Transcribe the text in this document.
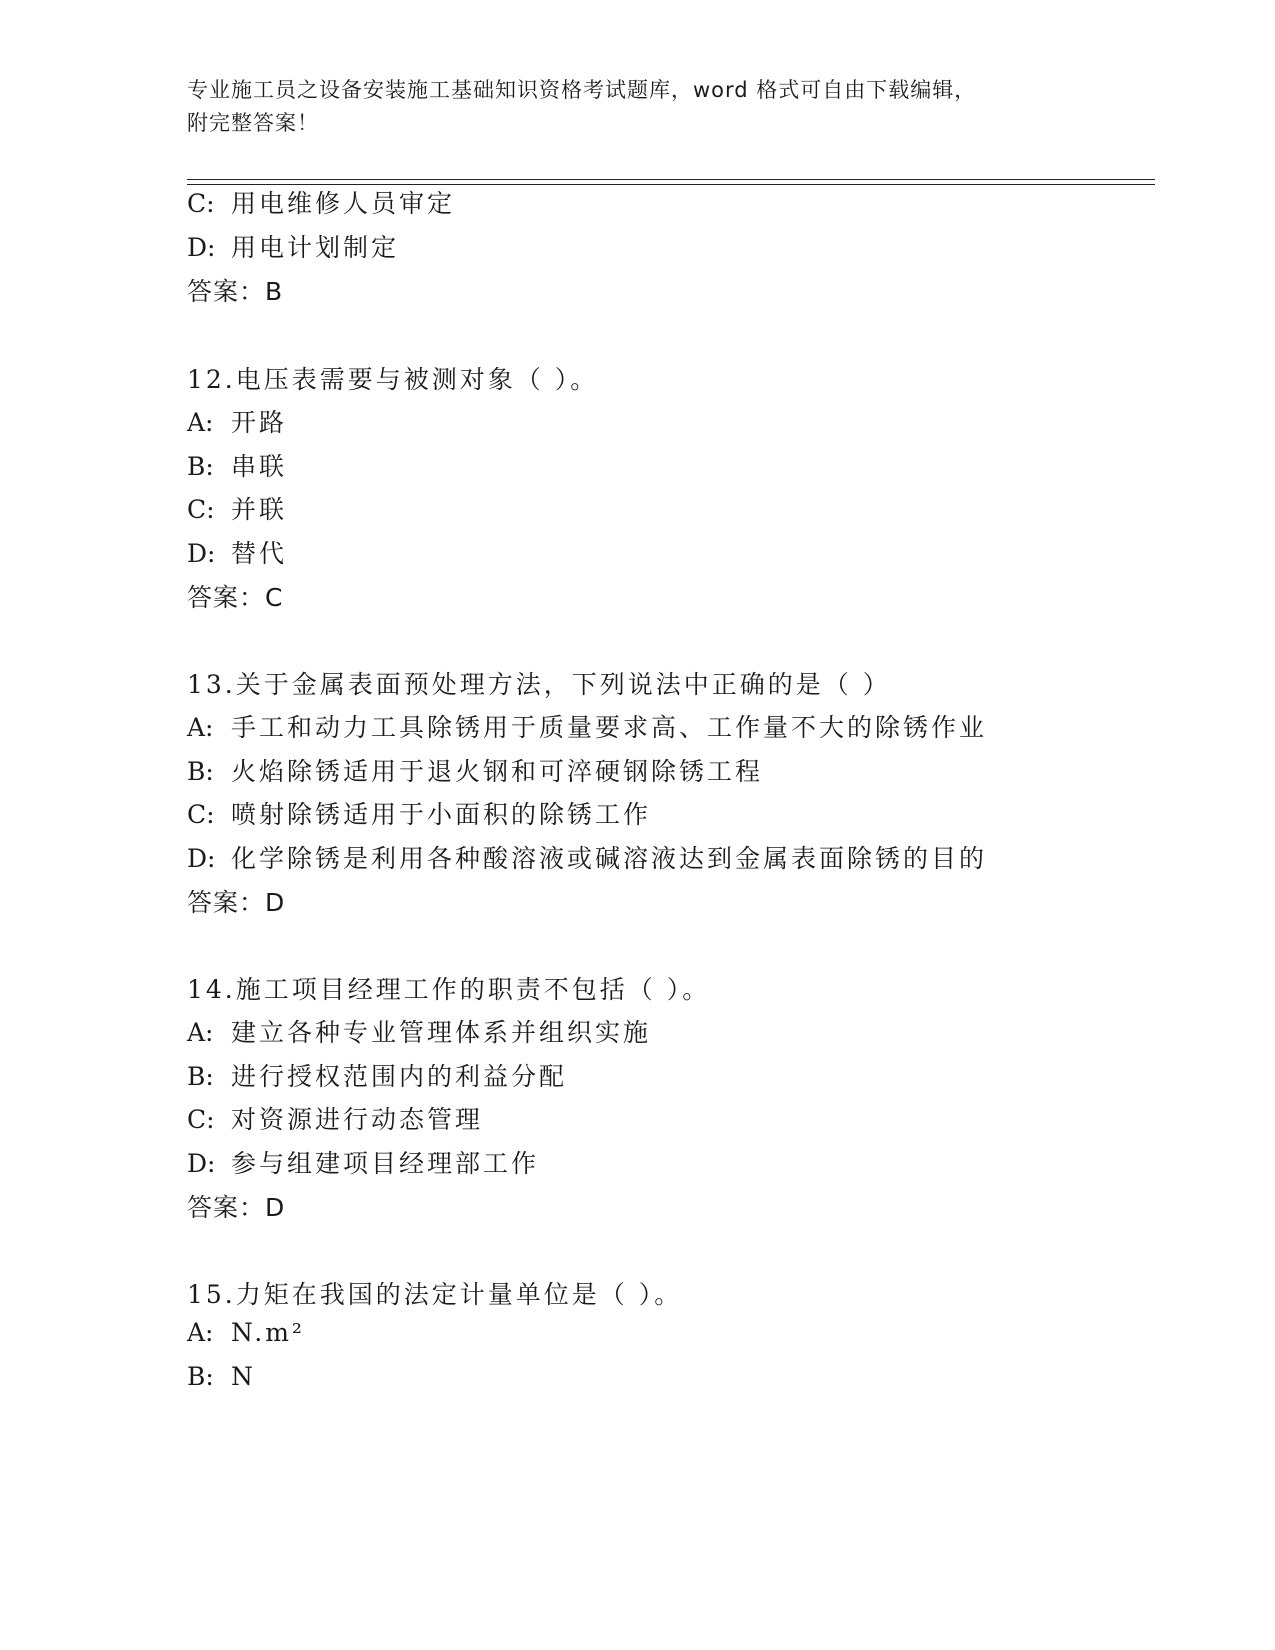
专业施工员之设备安装施工基础知识资格考试题库，word 格式可自由下载编辑，
附完整答案！
C: 用电维修人员审定
D: 用电计划制定
答案：B
12.电压表需要与被测对象（ ）。
A: 开路
B: 串联
C: 并联
D: 替代
答案：C
13.关于金属表面预处理方法，下列说法中正确的是（ ）
A: 手工和动力工具除锈用于质量要求高、工作量不大的除锈作业
B: 火焰除锈适用于退火钢和可淬硬钢除锈工程
C: 喷射除锈适用于小面积的除锈工作
D: 化学除锈是利用各种酸溶液或碱溶液达到金属表面除锈的目的
答案：D
14.施工项目经理工作的职责不包括（ ）。
A: 建立各种专业管理体系并组织实施
B: 进行授权范围内的利益分配
C: 对资源进行动态管理
D: 参与组建项目经理部工作
答案：D
15.力矩在我国的法定计量单位是（ ）。
A: N.m²
B: N
